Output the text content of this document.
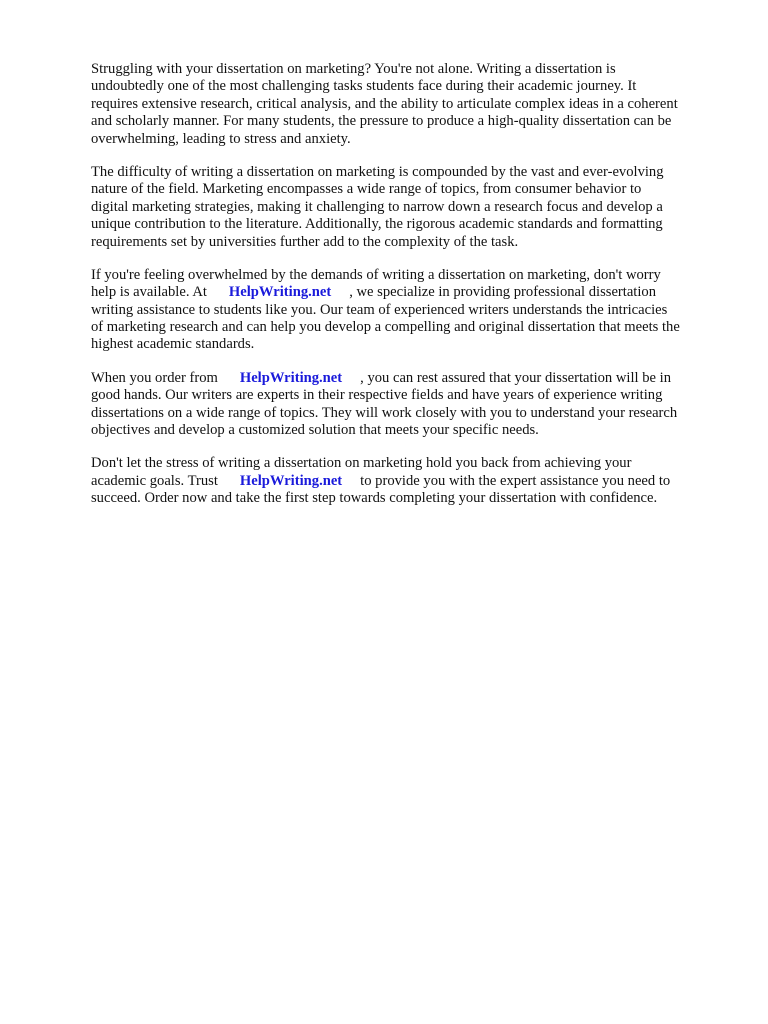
Struggling with your dissertation on marketing? You're not alone. Writing a dissertation is
undoubtedly one of the most challenging tasks students face during their academic journey. It
requires extensive research, critical analysis, and the ability to articulate complex ideas in a coherent
and scholarly manner. For many students, the pressure to produce a high-quality dissertation can be
overwhelming, leading to stress and anxiety.

The difficulty of writing a dissertation on marketing is compounded by the vast and ever-evolving
nature of the field. Marketing encompasses a wide range of topics, from consumer behavior to
digital marketing strategies, making it challenging to narrow down a research focus and develop a
unique contribution to the literature. Additionally, the rigorous academic standards and formatting
requirements set by universities further add to the complexity of the task.

If you're feeling overwhelmed by the demands of writing a dissertation on marketing, don't worry
help is available. At HelpWriting.net , we specialize in providing professional dissertation
writing assistance to students like you. Our team of experienced writers understands the intricacies
of marketing research and can help you develop a compelling and original dissertation that meets the
highest academic standards.

When you order from HelpWriting.net , you can rest assured that your dissertation will be in
good hands. Our writers are experts in their respective fields and have years of experience writing
dissertations on a wide range of topics. They will work closely with you to understand your research
objectives and develop a customized solution that meets your specific needs.

Don't let the stress of writing a dissertation on marketing hold you back from achieving your
academic goals. Trust HelpWriting.net to provide you with the expert assistance you need to
succeed. Order now and take the first step towards completing your dissertation with confidence.
